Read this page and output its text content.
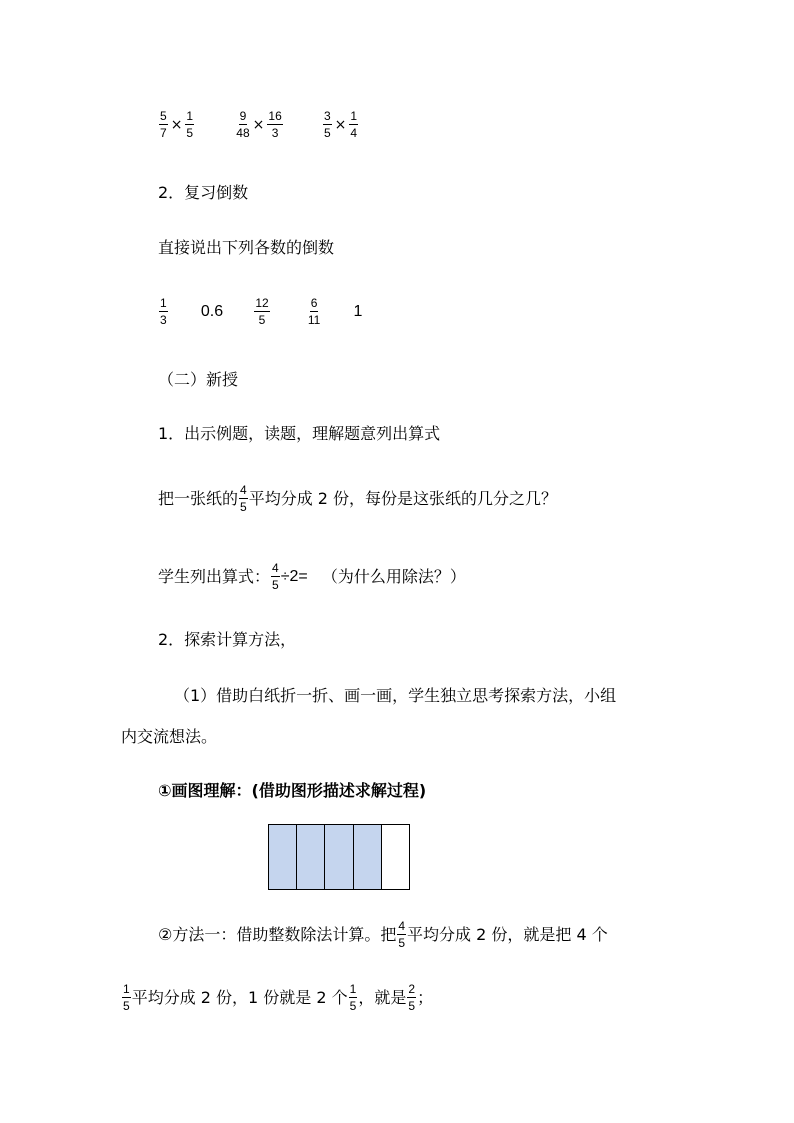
$\frac{5}{7} \times \frac{1}{5}$
	$\frac{9}{48} \times \frac{16}{3}$
	$\frac{3}{5} \times \frac{1}{4}$
2．复习倒数
直接说出下列各数的倒数
$\frac{1}{3} 0.6$	$\frac{12}{5}$
	$\frac{6}{11} 1$
（二）新授
1．出示例题，读题，理解题意列出算式
把一张纸的 $\frac{4}{5}$ 平均分成 2 份，每份是这张纸的几分之几？
学生列出算式： $\frac{4}{5} \div 2=$ （为什么用除法？）
2．探索计算方法，
（1）借助白纸折一折、画一画，学生独立思考探索方法，小组
内交流想法。
①画图理解：(借助图形描述求解过程)
②方法一：借助整数除法计算。把 $\frac{4}{5}$ 平均分成 2 份，就是把 4 个
$\frac{1}{5}$ 平均分成 2 份，1 份就是 2 个 $\frac{1}{5}$ ，就是 $\frac{2}{5}$ ；
